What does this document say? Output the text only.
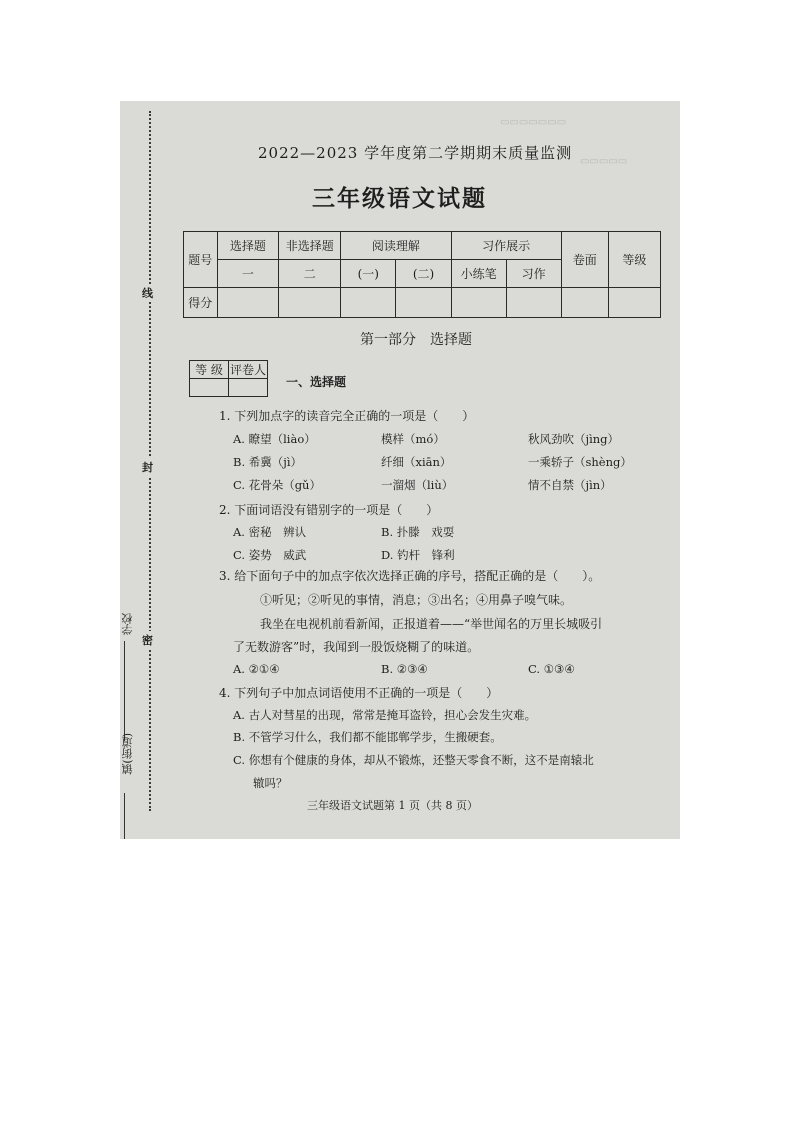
▭▭▭▭▭▭▭
▭▭▭▭▭
线
封
密
学校
镇(街道)
2022—2023 学年度第二学期期末质量监测
三年级语文试题
题号	选择题	非选择题	阅读理解		习作展示		卷面	等级
	一	二	(一)	(二)	小练笔	习作		
得分								
第一部分　选择题
等 级	评卷人

一、选择题
1. 下列加点字的读音完全正确的一项是（　　）
A. 瞭望（liào）	模样（mó）	秋风劲吹（jìng）
B. 希冀（jì）	纤细（xiān）	一乘轿子（shèng）
C. 花骨朵（gǔ）	一溜烟（liù）	情不自禁（jìn）
2. 下面词语没有错别字的一项是（　　）
A. 密秘　辨认	B. 扑滕　戏耍
C. 姿势　威武	D. 钓杆　锋利
3. 给下面句子中的加点字依次选择正确的序号，搭配正确的是（　　）。
①听见；②听见的事情，消息；③出名；④用鼻子嗅气味。
我坐在电视机前看新闻，正报道着——“举世闻名的万里长城吸引
了无数游客”时，我闻到一股饭烧糊了的味道。
A. ②①④	B. ②③④	C. ①③④
4. 下列句子中加点词语使用不正确的一项是（　　）
A. 古人对彗星的出现，常常是掩耳盗铃，担心会发生灾难。
B. 不管学习什么，我们都不能邯郸学步，生搬硬套。
C. 你想有个健康的身体，却从不锻炼，还整天零食不断，这不是南辕北
辙吗？
三年级语文试题第 1 页（共 8 页）
